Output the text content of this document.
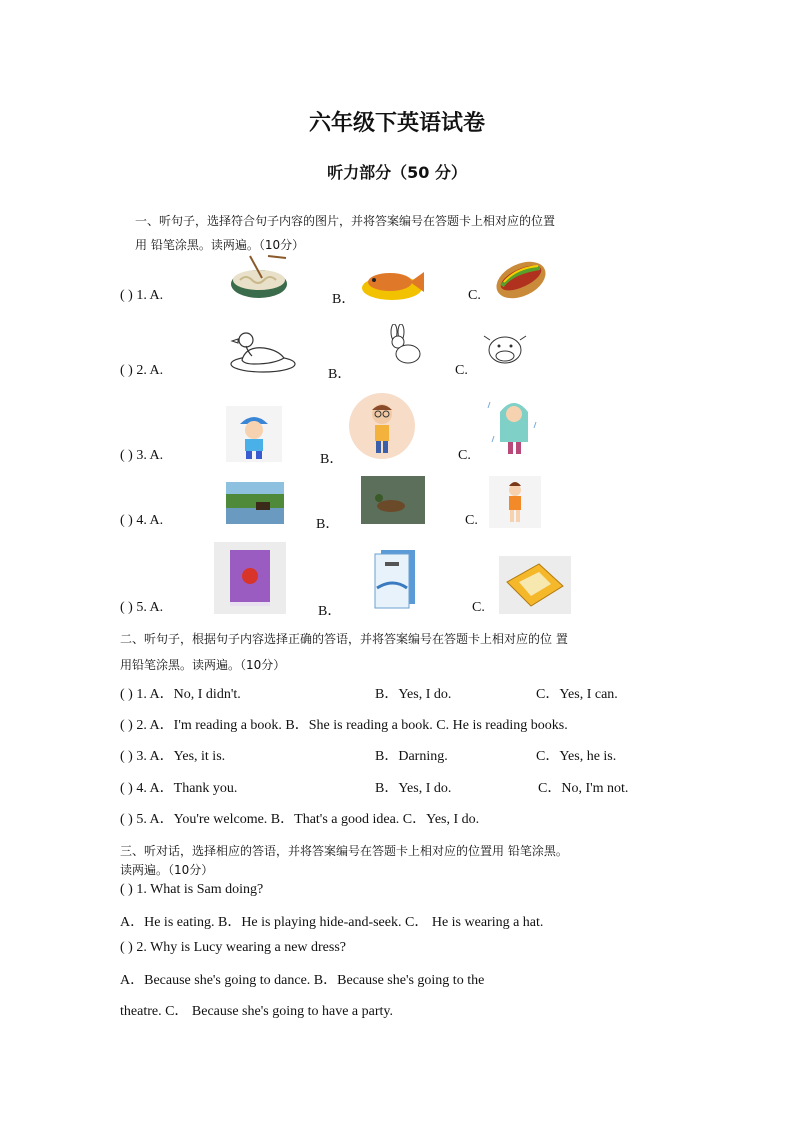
六年级下英语试卷
听力部分（50 分）
一、听句子，选择符合句子内容的图片，并将答案编号在答题卡上相对应的位置
用 铅笔涂黑。读两遍。（10分）
( ) 1. A.	B．	C.
( ) 2. A.	B．	C.
( ) 3. A.	B．	C.
( ) 4. A.	B．	C.
( ) 5. A.	B．	C.
二、听句子，根据句子内容选择正确的答语，并将答案编号在答题卡上相对应的位 置
用铅笔涂黑。读两遍。（10分）
( ) 1. A．No, I didn't.	B．Yes, I do.	C．Yes, I can.
( ) 2. A．I'm reading a book. B．She is reading a book. C. He is reading books.
( ) 3. A．Yes, it is.	B．Darning.	C．Yes, he is.
( ) 4. A．Thank you.	B．Yes, I do.	C．No, I'm not.
( ) 5. A．You're welcome. B．That's a good idea. C．Yes, I do.
三、听对话，选择相应的答语，并将答案编号在答题卡上相对应的位置用 铅笔涂黑。
读两遍。（10分）
( ) 1. What is Sam doing?
A．He is eating. B．He is playing hide-and-seek. C． He is wearing a hat.
( ) 2. Why is Lucy wearing a new dress?
A．Because she's going to dance. B．Because she's going to the
theatre. C． Because she's going to have a party.
